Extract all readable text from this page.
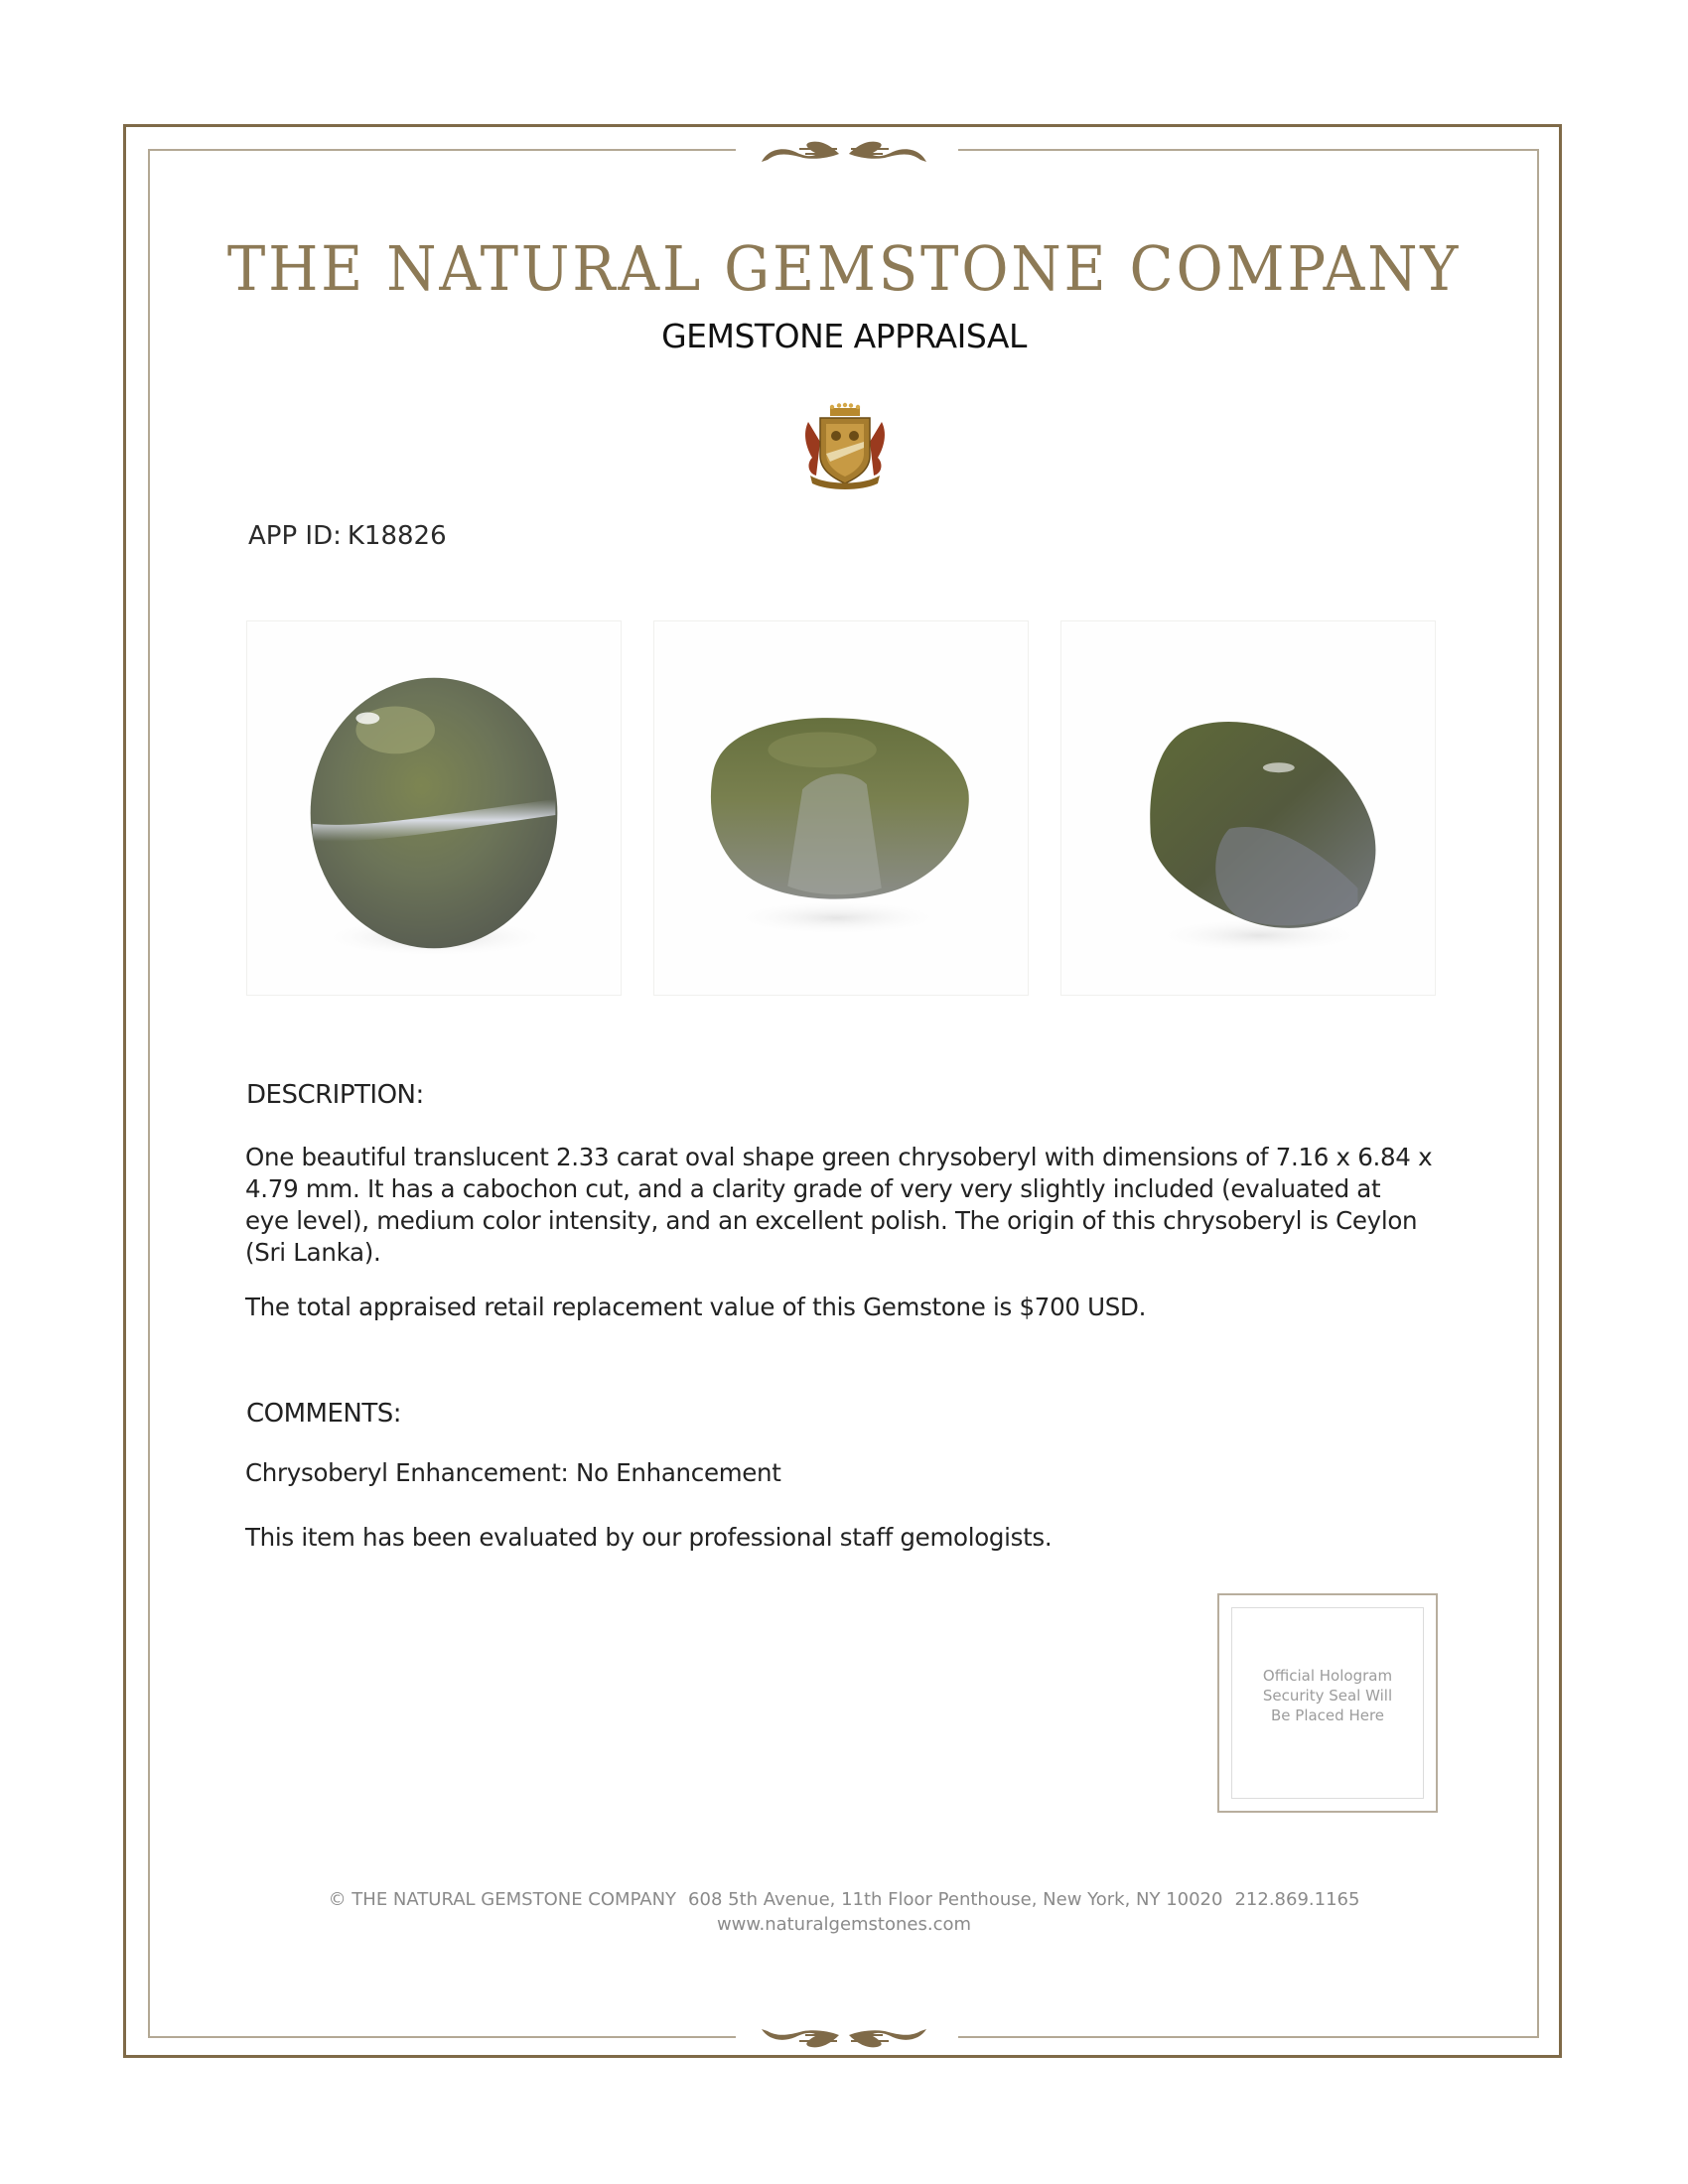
THE NATURAL GEMSTONE COMPANY
GEMSTONE APPRAISAL
APP ID: K18826
DESCRIPTION:
One beautiful translucent 2.33 carat oval shape green chrysoberyl with dimensions of 7.16 x 6.84 x
4.79 mm. It has a cabochon cut, and a clarity grade of very very slightly included (evaluated at
eye level), medium color intensity, and an excellent polish. The origin of this chrysoberyl is Ceylon
(Sri Lanka).
The total appraised retail replacement value of this Gemstone is $700 USD.
COMMENTS:
Chrysoberyl Enhancement: No Enhancement
This item has been evaluated by our professional staff gemologists.
Official Hologram
Security Seal Will
Be Placed Here
© THE NATURAL GEMSTONE COMPANY 608 5th Avenue, 11th Floor Penthouse, New York, NY 10020 212.869.1165
www.naturalgemstones.com
